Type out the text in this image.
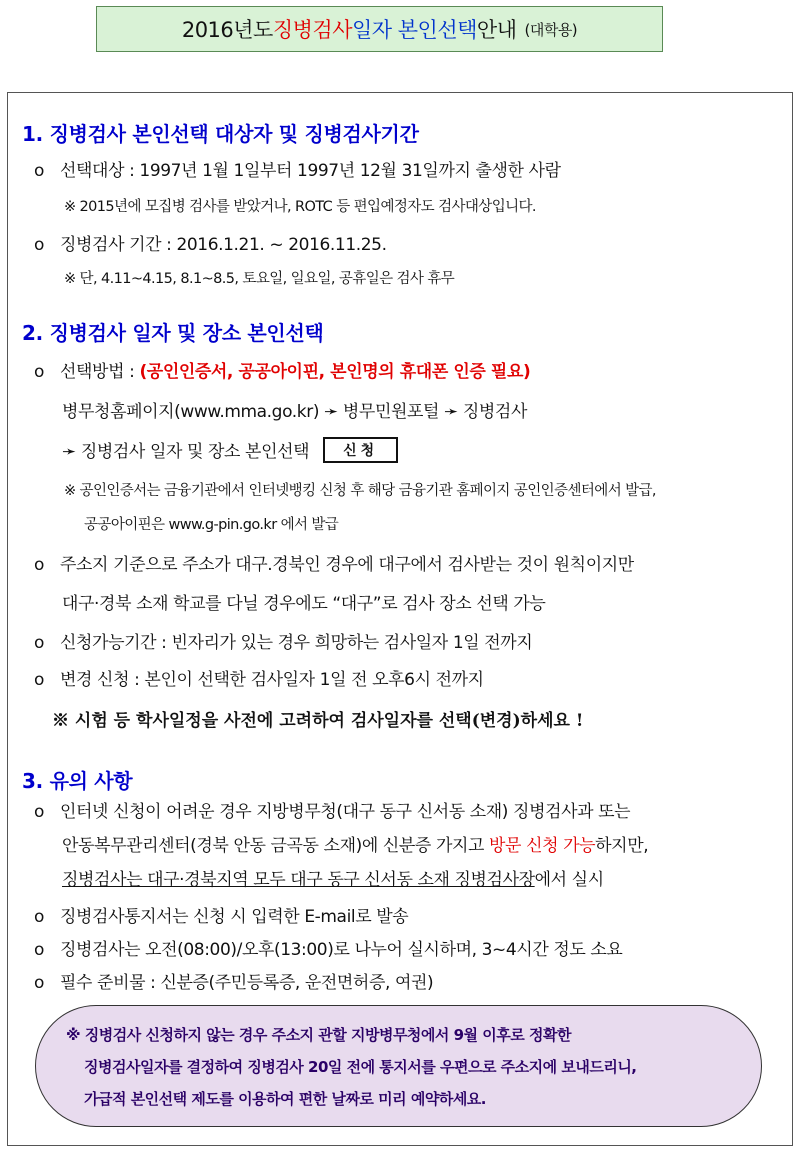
2016년도 징병검사 일자 본인선택 안내 (대학용)
1. 징병검사 본인선택 대상자 및 징병검사기간
o 선택대상 : 1997년 1월 1일부터 1997년 12월 31일까지 출생한 사람
※ 2015년에 모집병 검사를 받았거나, ROTC 등 편입예정자도 검사대상입니다.
o 징병검사 기간 : 2016.1.21. ~ 2016.11.25.
※ 단, 4.11~4.15, 8.1~8.5, 토요일, 일요일, 공휴일은 검사 휴무
2. 징병검사 일자 및 장소 본인선택
o 선택방법 : (공인인증서, 공공아이핀, 본인명의 휴대폰 인증 필요)
병무청홈페이지(www.mma.go.kr) ➛ 병무민원포털 ➛ 징병검사
➛ 징병검사 일자 및 장소 본인선택 신청
※ 공인인증서는 금융기관에서 인터넷뱅킹 신청 후 해당 금융기관 홈페이지 공인인증센터에서 발급,
공공아이핀은 www.g-pin.go.kr 에서 발급
o 주소지 기준으로 주소가 대구.경북인 경우에 대구에서 검사받는 것이 원칙이지만
대구·경북 소재 학교를 다닐 경우에도 “대구”로 검사 장소 선택 가능
o 신청가능기간 : 빈자리가 있는 경우 희망하는 검사일자 1일 전까지
o 변경 신청 : 본인이 선택한 검사일자 1일 전 오후6시 전까지
※ 시험 등 학사일정을 사전에 고려하여 검사일자를 선택(변경)하세요 !
3. 유의 사항
o 인터넷 신청이 어려운 경우 지방병무청(대구 동구 신서동 소재) 징병검사과 또는
안동복무관리센터(경북 안동 금곡동 소재)에 신분증 가지고 방문 신청 가능하지만,
징병검사는 대구·경북지역 모두 대구 동구 신서동 소재 징병검사장에서 실시
o 징병검사통지서는 신청 시 입력한 E-mail로 발송
o 징병검사는 오전(08:00)/오후(13:00)로 나누어 실시하며, 3~4시간 정도 소요
o 필수 준비물 : 신분증(주민등록증, 운전면허증, 여권)
※ 징병검사 신청하지 않는 경우 주소지 관할 지방병무청에서 9월 이후로 정확한
징병검사일자를 결정하여 징병검사 20일 전에 통지서를 우편으로 주소지에 보내드리니,
가급적 본인선택 제도를 이용하여 편한 날짜로 미리 예약하세요.
